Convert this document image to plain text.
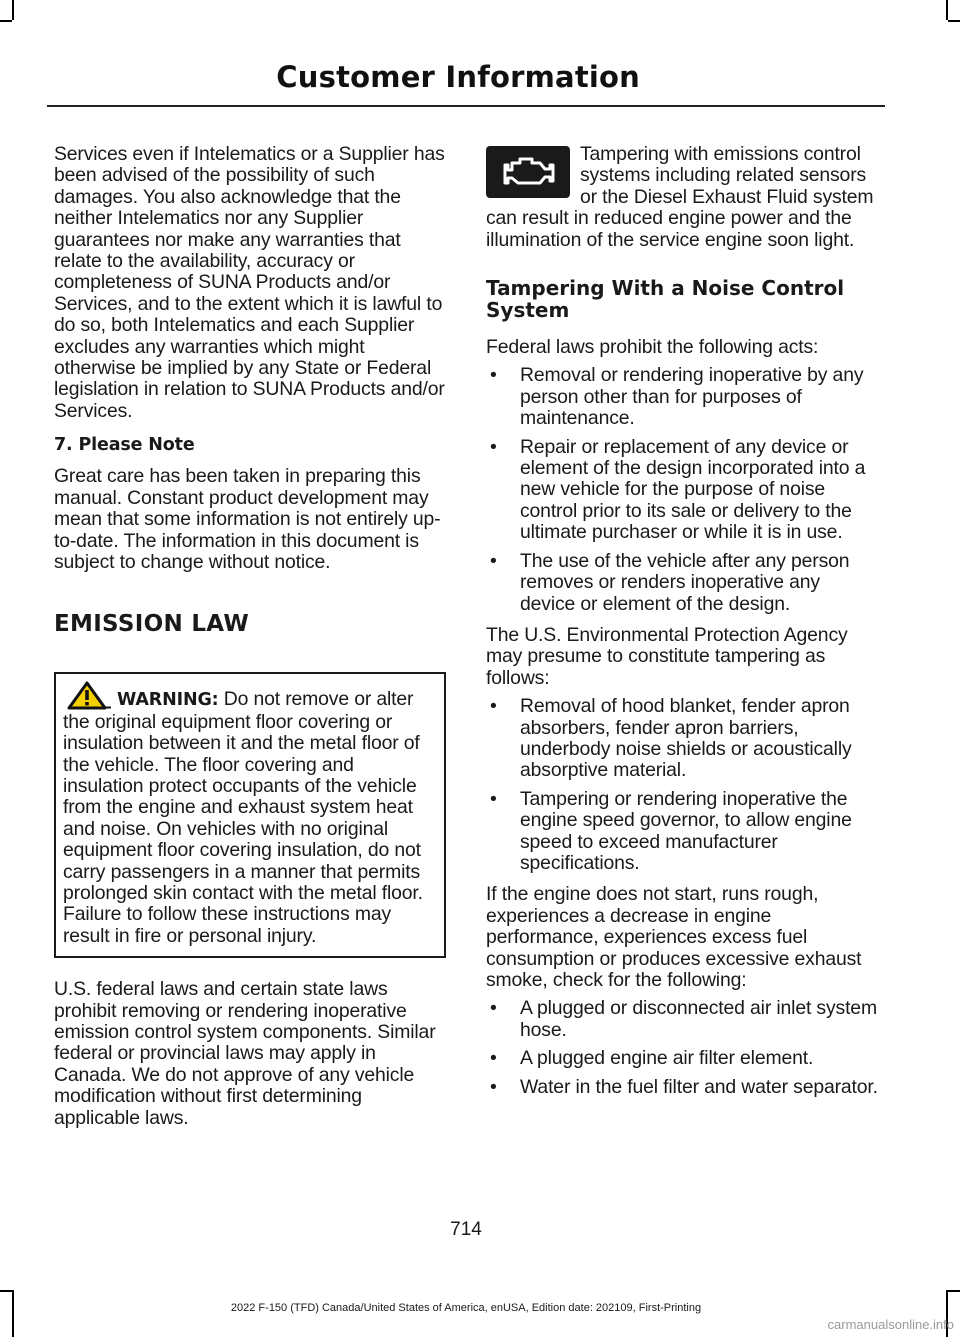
Customer Information

Services even if Intelematics or a Supplier has been advised of the possibility of such damages. You also acknowledge that the neither Intelematics nor any Supplier guarantees nor make any warranties that relate to the availability, accuracy or completeness of SUNA Products and/or Services, and to the extent which it is lawful to do so, both Intelematics and each Supplier excludes any warranties which might otherwise be implied by any State or Federal legislation in relation to SUNA Products and/or Services.

7. Please Note

Great care has been taken in preparing this manual. Constant product development may mean that some information is not entirely up-to-date. The information in this document is subject to change without notice.

EMISSION LAW

WARNING: Do not remove or alter the original equipment floor covering or insulation between it and the metal floor of the vehicle. The floor covering and insulation protect occupants of the vehicle from the engine and exhaust system heat and noise. On vehicles with no original equipment floor covering insulation, do not carry passengers in a manner that permits prolonged skin contact with the metal floor. Failure to follow these instructions may result in fire or personal injury.

U.S. federal laws and certain state laws prohibit removing or rendering inoperative emission control system components. Similar federal or provincial laws may apply in Canada. We do not approve of any vehicle modification without first determining applicable laws.

Tampering with emissions control systems including related sensors or the Diesel Exhaust Fluid system can result in reduced engine power and the illumination of the service engine soon light.

Tampering With a Noise Control System

Federal laws prohibit the following acts:

• Removal or rendering inoperative by any person other than for purposes of maintenance.
• Repair or replacement of any device or element of the design incorporated into a new vehicle for the purpose of noise control prior to its sale or delivery to the ultimate purchaser or while it is in use.
• The use of the vehicle after any person removes or renders inoperative any device or element of the design.

The U.S. Environmental Protection Agency may presume to constitute tampering as follows:

• Removal of hood blanket, fender apron absorbers, fender apron barriers, underbody noise shields or acoustically absorptive material.
• Tampering or rendering inoperative the engine speed governor, to allow engine speed to exceed manufacturer specifications.

If the engine does not start, runs rough, experiences a decrease in engine performance, experiences excess fuel consumption or produces excessive exhaust smoke, check for the following:

• A plugged or disconnected air inlet system hose.
• A plugged engine air filter element.
• Water in the fuel filter and water separator.
714
2022 F-150 (TFD) Canada/United States of America, enUSA, Edition date: 202109, First-Printing
carmanualsonline.info
